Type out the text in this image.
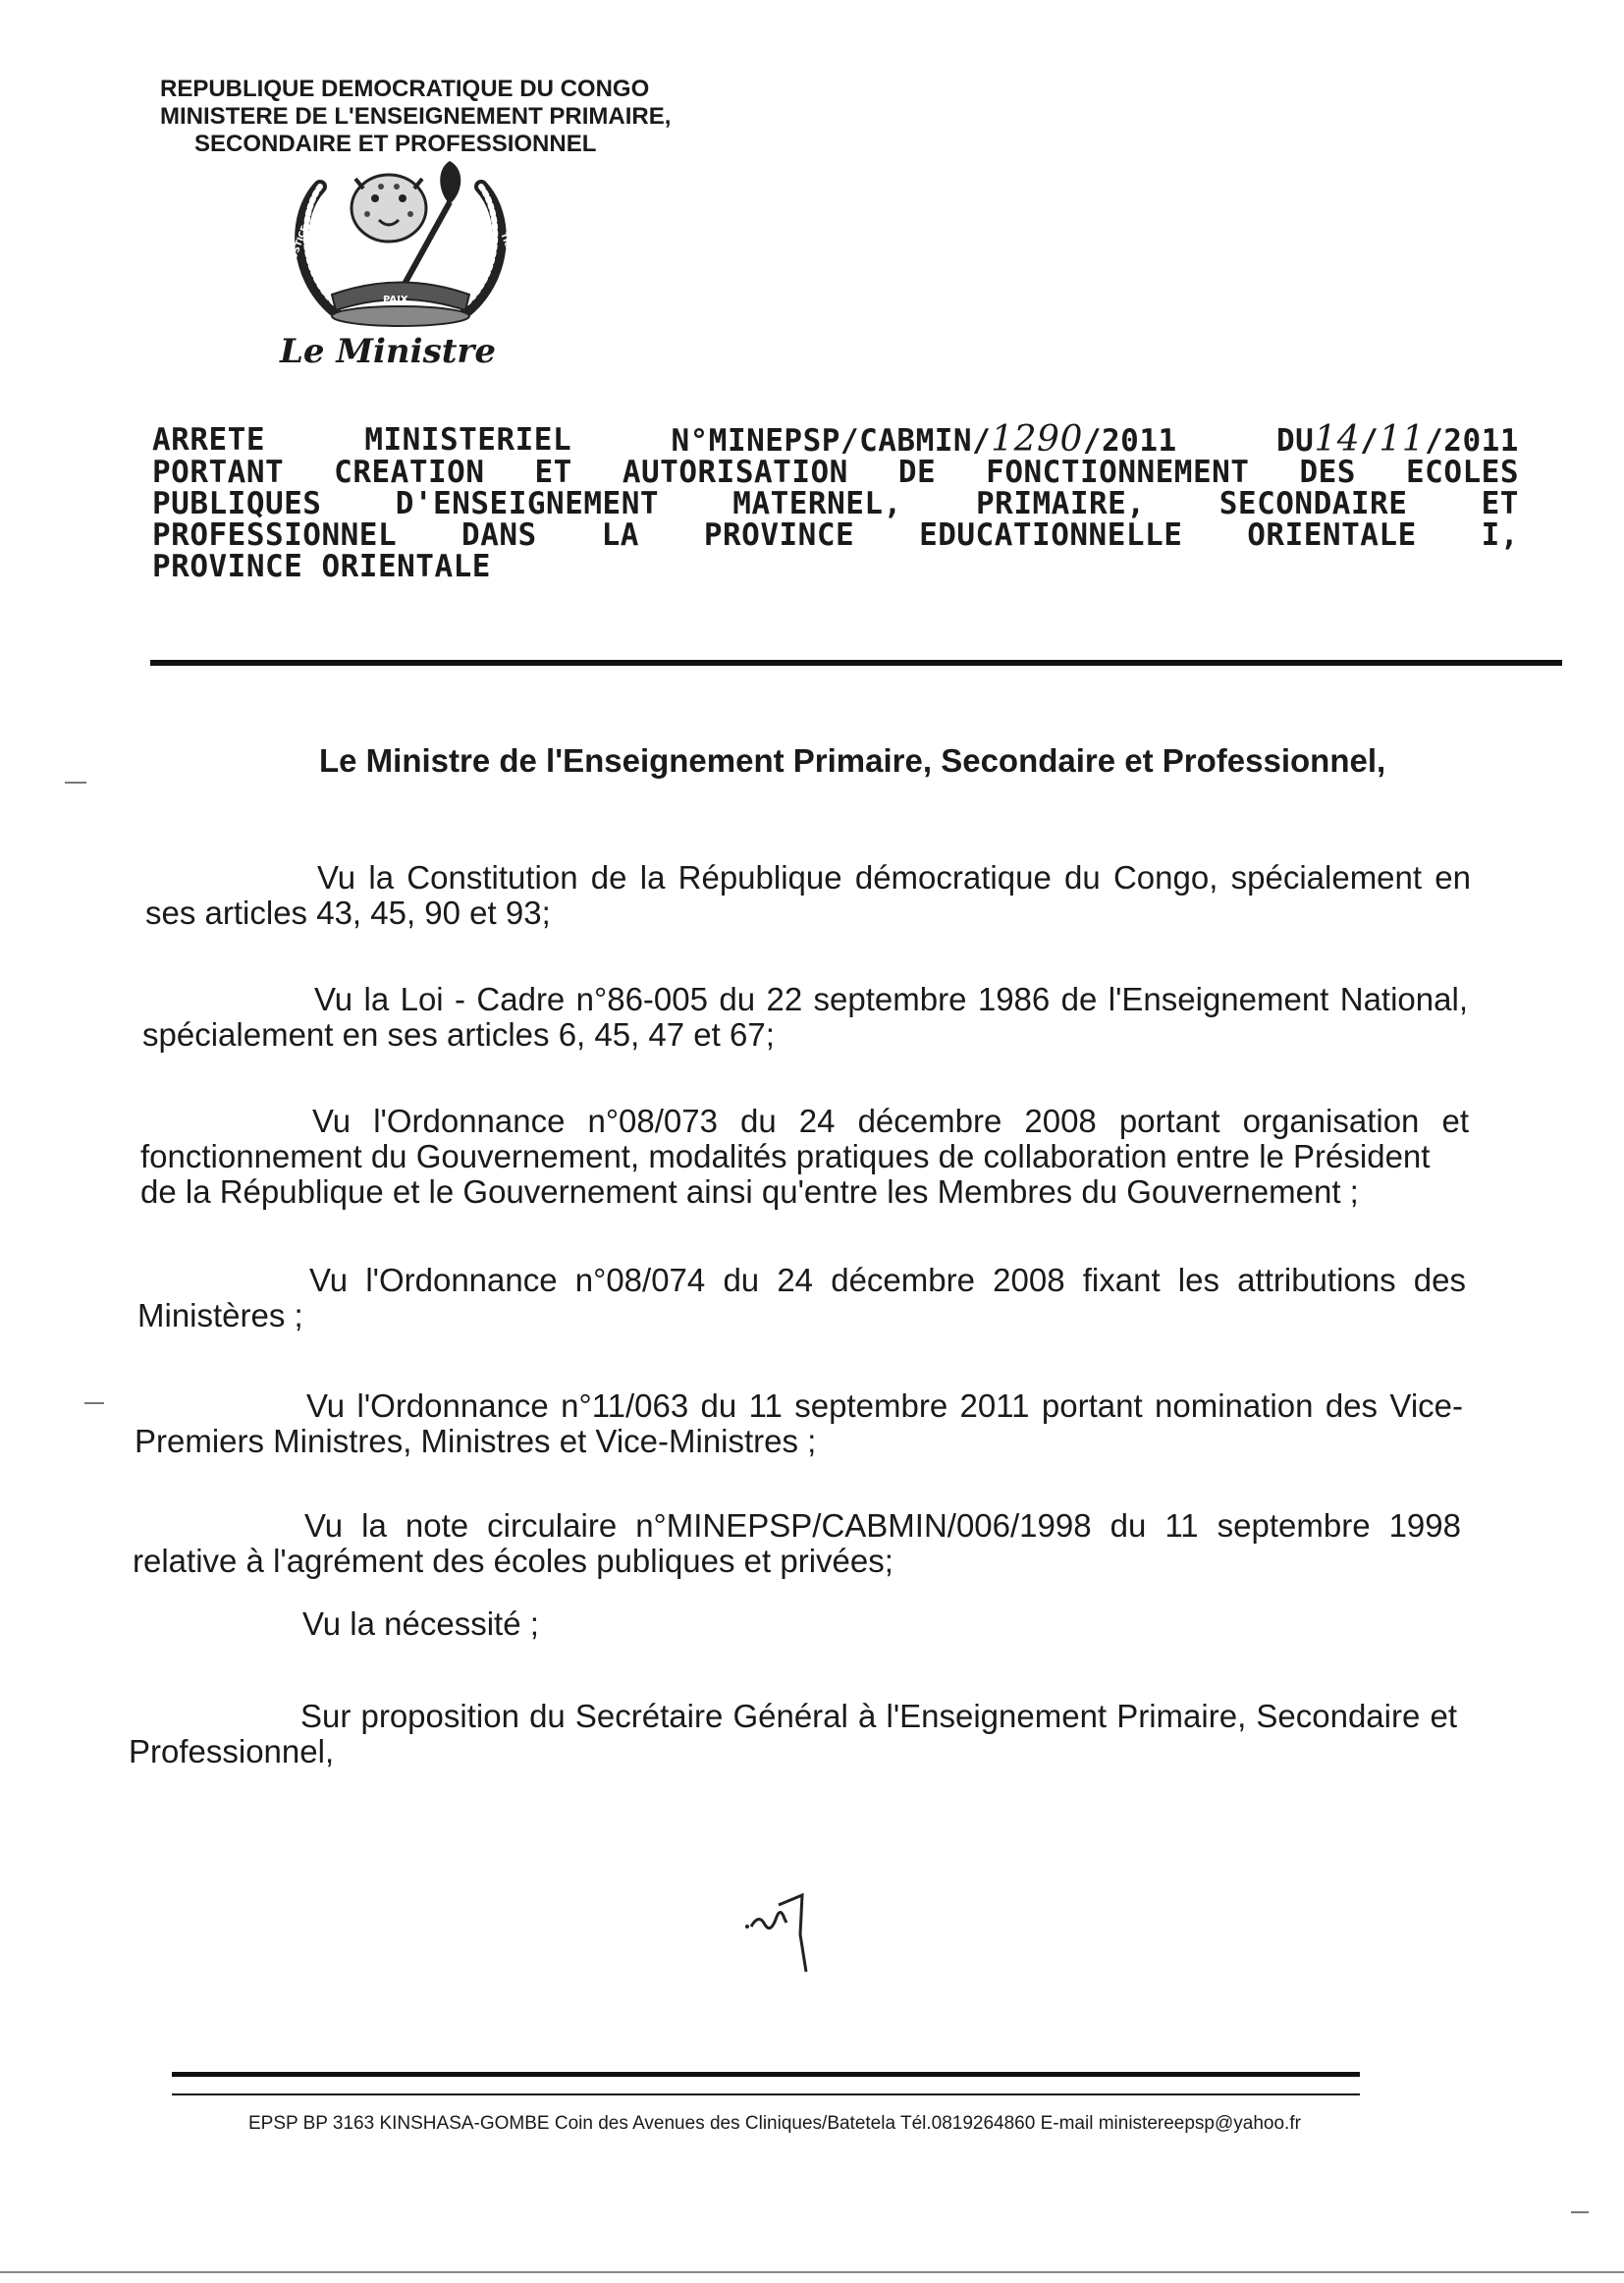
REPUBLIQUE DEMOCRATIQUE DU CONGO
MINISTERE DE L'ENSEIGNEMENT PRIMAIRE,
SECONDAIRE ET PROFESSIONNEL
JUSTICE
PAIX
TRAVAIL
Le Ministre
ARRETE	MINISTERIEL	N°MINEPSP/CABMIN/1290/2011	DU14/11/2011
PORTANT CREATION ET AUTORISATION DE FONCTIONNEMENT DES ECOLES
PUBLIQUES D'ENSEIGNEMENT MATERNEL, PRIMAIRE, SECONDAIRE ET
PROFESSIONNEL DANS LA PROVINCE EDUCATIONNELLE ORIENTALE I,
PROVINCE ORIENTALE
Le Ministre de l'Enseignement Primaire, Secondaire et Professionnel,
Vu la Constitution de la République démocratique du Congo, spécialement en
ses articles 43, 45, 90 et 93;
Vu la Loi - Cadre n°86-005 du 22 septembre 1986 de l'Enseignement National,
spécialement en ses articles 6, 45, 47 et 67;
Vu l'Ordonnance n°08/073 du 24 décembre 2008 portant organisation et
fonctionnement du Gouvernement, modalités pratiques de collaboration entre le Président
de la République et le Gouvernement ainsi qu'entre les Membres du Gouvernement ;
Vu l'Ordonnance n°08/074 du 24 décembre 2008 fixant les attributions des
Ministères ;
Vu l'Ordonnance n°11/063 du 11 septembre 2011 portant nomination des Vice-
Premiers Ministres, Ministres et Vice-Ministres ;
Vu la note circulaire n°MINEPSP/CABMIN/006/1998 du 11 septembre 1998
relative à l'agrément des écoles publiques et privées;
Vu la nécessité ;
Sur proposition du Secrétaire Général à l'Enseignement Primaire, Secondaire et
Professionnel,
EPSP BP 3163 KINSHASA-GOMBE Coin des Avenues des Cliniques/Batetela Tél.0819264860 E-mail ministereepsp@yahoo.fr
